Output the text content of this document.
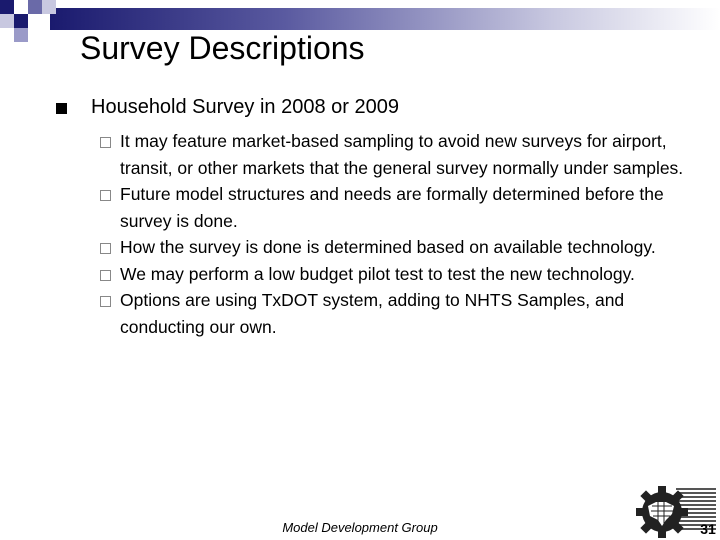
Survey Descriptions
Household Survey in 2008 or 2009
It may feature market-based sampling to avoid new surveys for airport, transit, or other markets that the general survey normally under samples.
Future model structures and needs are formally determined before the survey is done.
How the survey is done is determined based on available technology.
We may perform a low budget pilot test to test the new technology.
Options are using TxDOT system, adding to NHTS Samples, and conducting our own.
Model Development Group	31
